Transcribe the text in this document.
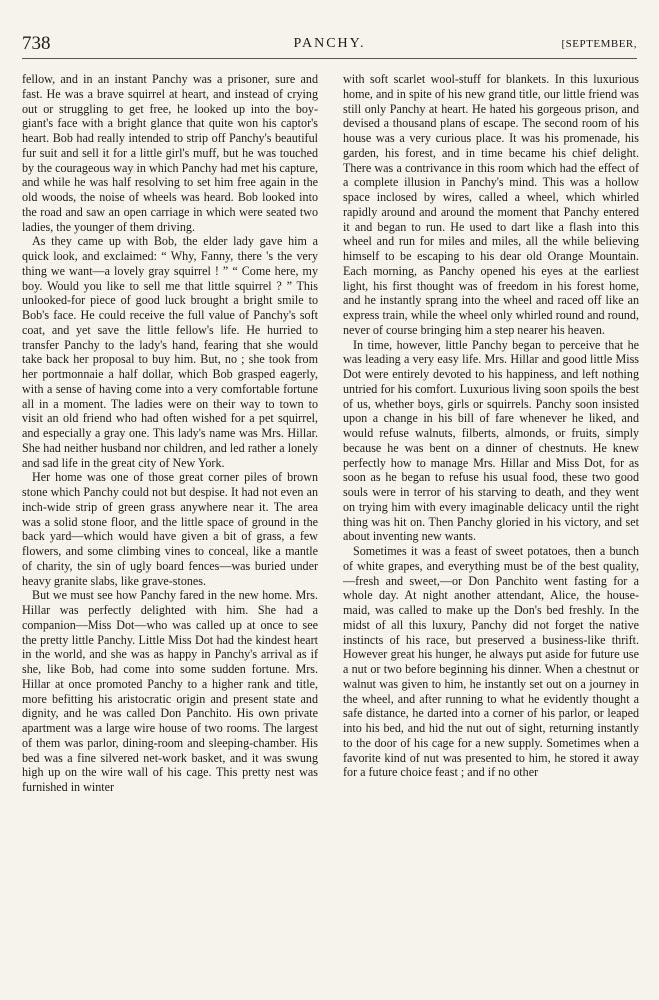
738	PANCHY.	[SEPTEMBER,

fellow, and in an instant Panchy was a prisoner, sure and fast. He was a brave squirrel at heart, and instead of crying out or struggling to get free, he looked up into the boy-giant's face with a bright glance that quite won his captor's heart. Bob had really intended to strip off Panchy's beautiful fur suit and sell it for a little girl's muff, but he was touched by the courageous way in which Panchy had met his capture, and while he was half resolving to set him free again in the old woods, the noise of wheels was heard. Bob looked into the road and saw an open carriage in which were seated two ladies, the younger of them driving.

As they came up with Bob, the elder lady gave him a quick look, and exclaimed: “ Why, Fanny, there 's the very thing we want—a lovely gray squirrel ! ” “ Come here, my boy. Would you like to sell me that little squirrel ? ” This unlooked-for piece of good luck brought a bright smile to Bob's face. He could receive the full value of Panchy's soft coat, and yet save the little fellow's life. He hurried to transfer Panchy to the lady's hand, fearing that she would take back her proposal to buy him. But, no ; she took from her portmonnaie a half dollar, which Bob grasped eagerly, with a sense of having come into a very comfortable fortune all in a moment. The ladies were on their way to town to visit an old friend who had often wished for a pet squirrel, and especially a gray one. This lady's name was Mrs. Hillar. She had neither husband nor children, and led rather a lonely and sad life in the great city of New York.

Her home was one of those great corner piles of brown stone which Panchy could not but despise. It had not even an inch-wide strip of green grass anywhere near it. The area was a solid stone floor, and the little space of ground in the back yard—which would have given a bit of grass, a few flowers, and some climbing vines to conceal, like a mantle of charity, the sin of ugly board fences—was buried under heavy granite slabs, like grave-stones.

But we must see how Panchy fared in the new home. Mrs. Hillar was perfectly delighted with him. She had a companion—Miss Dot—who was called up at once to see the pretty little Panchy. Little Miss Dot had the kindest heart in the world, and she was as happy in Panchy's arrival as if she, like Bob, had come into some sudden fortune. Mrs. Hillar at once promoted Panchy to a higher rank and title, more befitting his aristocratic origin and present state and dignity, and he was called Don Panchito. His own private apartment was a large wire house of two rooms. The largest of them was parlor, dining-room and sleeping-chamber. His bed was a fine silvered net-work basket, and it was swung high up on the wire wall of his cage. This pretty nest was furnished in winter

with soft scarlet wool-stuff for blankets. In this luxurious home, and in spite of his new grand title, our little friend was still only Panchy at heart. He hated his gorgeous prison, and devised a thousand plans of escape. The second room of his house was a very curious place. It was his promenade, his garden, his forest, and in time became his chief delight. There was a contrivance in this room which had the effect of a complete illusion in Panchy's mind. This was a hollow space inclosed by wires, called a wheel, which whirled rapidly around and around the moment that Panchy entered it and began to run. He used to dart like a flash into this wheel and run for miles and miles, all the while believing himself to be escaping to his dear old Orange Mountain. Each morning, as Panchy opened his eyes at the earliest light, his first thought was of freedom in his forest home, and he instantly sprang into the wheel and raced off like an express train, while the wheel only whirled round and round, never of course bringing him a step nearer his heaven.

In time, however, little Panchy began to perceive that he was leading a very easy life. Mrs. Hillar and good little Miss Dot were entirely devoted to his happiness, and left nothing untried for his comfort. Luxurious living soon spoils the best of us, whether boys, girls or squirrels. Panchy soon insisted upon a change in his bill of fare whenever he liked, and would refuse walnuts, filberts, almonds, or fruits, simply because he was bent on a dinner of chestnuts. He knew perfectly how to manage Mrs. Hillar and Miss Dot, for as soon as he began to refuse his usual food, these two good souls were in terror of his starving to death, and they went on trying him with every imaginable delicacy until the right thing was hit on. Then Panchy gloried in his victory, and set about inventing new wants.

Sometimes it was a feast of sweet potatoes, then a bunch of white grapes, and everything must be of the best quality,—fresh and sweet,—or Don Panchito went fasting for a whole day. At night another attendant, Alice, the house-maid, was called to make up the Don's bed freshly. In the midst of all this luxury, Panchy did not forget the native instincts of his race, but preserved a business-like thrift. However great his hunger, he always put aside for future use a nut or two before beginning his dinner. When a chestnut or walnut was given to him, he instantly set out on a journey in the wheel, and after running to what he evidently thought a safe distance, he darted into a corner of his parlor, or leaped into his bed, and hid the nut out of sight, returning instantly to the door of his cage for a new supply. Sometimes when a favorite kind of nut was presented to him, he stored it away for a future choice feast ; and if no other
